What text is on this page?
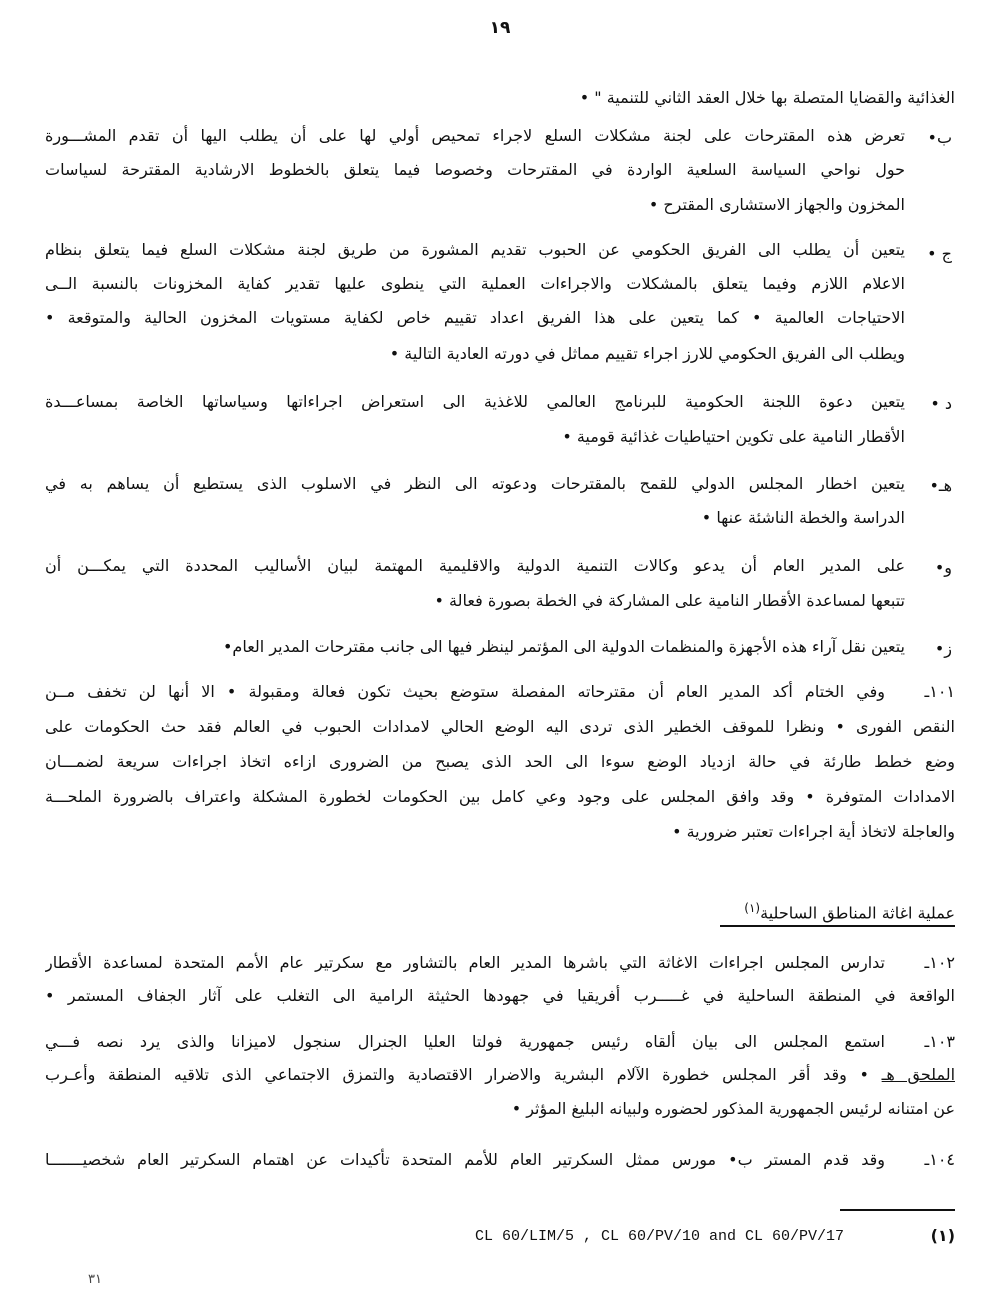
١٩
الغذائية والقضايا المتصلة بها خلال العقد الثاني للتنمية " •
ب•
تعرض هذه المقترحات على لجنة مشكلات السلع لاجراء تمحيص أولي لها على أن يطلب اليها أن تقدم المشـــورة
حول نواحي السياسة السلعية الواردة في المقترحات وخصوصا فيما يتعلق بالخطوط الارشادية المقترحة لسياسات
المخزون والجهاز الاستشارى المقترح •
ج •
يتعين أن يطلب الى الفريق الحكومي عن الحبوب تقديم المشورة من طريق لجنة مشكلات السلع فيما يتعلق بنظام
الاعلام اللازم وفيما يتعلق بالمشكلات والاجراءات العملية التي ينطوى عليها تقدير كفاية المخزونات بالنسبة الــى
الاحتياجات العالمية • كما يتعين على هذا الفريق اعداد تقييم خاص لكفاية مستويات المخزون الحالية والمتوقعة •
ويطلب الى الفريق الحكومي للارز اجراء تقييم مماثل في دورته العادية التالية •
د •
يتعين دعوة اللجنة الحكومية للبرنامج العالمي للاغذية الى استعراض اجراءاتها وسياساتها الخاصة بمساعـــدة
الأقطار النامية على تكوين احتياطيات غذائية قومية •
هـ•
يتعين اخطار المجلس الدولي للقمح بالمقترحات ودعوته الى النظر في الاسلوب الذى يستطيع أن يساهم به في
الدراسة والخطة الناشئة عنها •
و•
على المدير العام أن يدعو وكالات التنمية الدولية والاقليمية المهتمة لبيان الأساليب المحددة التي يمكـــن أن
تتبعها لمساعدة الأقطار النامية على المشاركة في الخطة بصورة فعالة •
ز•
يتعين نقل آراء هذه الأجهزة والمنظمات الدولية الى المؤتمر لينظر فيها الى جانب مقترحات المدير العام•
١٠١ـ
وفي الختام أكد المدير العام أن مقترحاته المفصلة ستوضع بحيث تكون فعالة ومقبولة • الا أنها لن تخفف مــن
النقص الفورى • ونظرا للموقف الخطير الذى تردى اليه الوضع الحالي لامدادات الحبوب في العالم فقد حث الحكومات على
وضع خطط طارئة في حالة ازدياد الوضع سوءا الى الحد الذى يصبح من الضرورى ازاءه اتخاذ اجراءات سريعة لضمـــان
الامدادات المتوفرة • وقد وافق المجلس على وجود وعي كامل بين الحكومات لخطورة المشكلة واعتراف بالضرورة الملحـــة
والعاجلة لاتخاذ أية اجراءات تعتبر ضرورية •
عملية اغاثة المناطق الساحلية$^{(١)}$
١٠٢ـ
تدارس المجلس اجراءات الاغاثة التي باشرها المدير العام بالتشاور مع سكرتير عام الأمم المتحدة لمساعدة الأقطار
الواقعة في المنطقة الساحلية في غـــــرب أفريقيا في جهودها الحثيثة الرامية الى التغلب على آثار الجفاف المستمر •
١٠٣ـ
استمع المجلس الى بيان ألقاه رئيس جمهورية فولتا العليا الجنرال سنجول لاميزانا والذى يرد نصه فـــي
الملحق هـ • وقد أقر المجلس خطورة الآلام البشرية والاضرار الاقتصادية والتمزق الاجتماعي الذى تلاقيه المنطقة وأعـرب
عن امتنانه لرئيس الجمهورية المذكور لحضوره ولبيانه البليغ المؤثر •
١٠٤ـ
وقد قدم المستر ب• مورس ممثل السكرتير العام للأمم المتحدة تأكيدات عن اهتمام السكرتير العام شخصيـــــــا
(١)
CL 60/LIM/5 , CL 60/PV/10 and CL 60/PV/17
٣١
